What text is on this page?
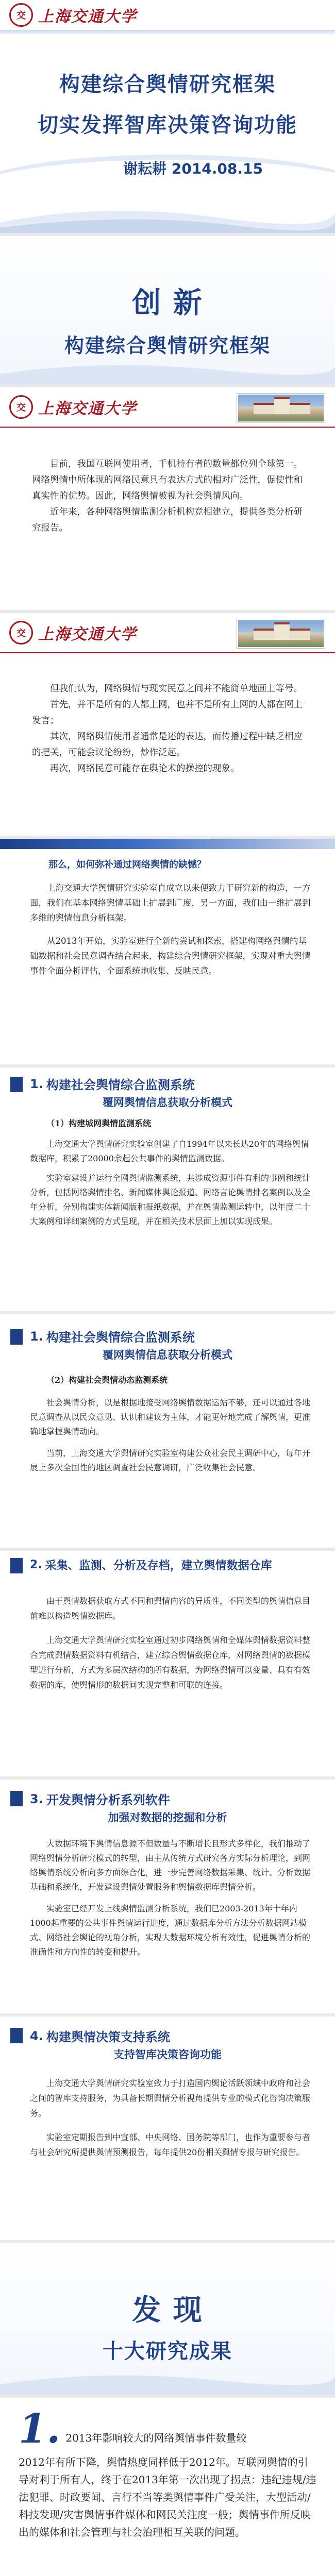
交 上海交通大学
构建综合舆情研究框架
切实发挥智库决策咨询功能
谢耘耕 2014.08.15
创 新
构建综合舆情研究框架
交 上海交通大学

目前，我国互联网使用者，手机持有者的数量都位列全球第一。网络舆情中所体现的网络民意具有表达方式的相对广泛性，促使性和真实性的优势。因此，网络舆情被视为社会舆情风向。

近年来，各种网络舆情监测分析机构竞相建立，提供各类分析研究报告。

交 上海交通大学

但我们认为，网络舆情与现实民意之间并不能简单地画上等号。

首先，并不是所有的人都上网，也并不是所有上网的人都在网上发言；

其次，网络舆情使用者通常是述的表达，而传播过程中缺乏相应的把关，可能会议论纷纷，炒作泛起。

再次，网络民意可能存在舆论术的操控的现象。

那么，如何弥补通过网络舆情的缺憾？

上海交通大学舆情研究实验室自成立以来便致力于研究新的构造，一方面，我们在基本网络舆情基础上扩展到广度，另一方面，我们由一维扩展到多维的舆情信息分析框架。

从2013年开始，实验室进行全新的尝试和探索，搭建构网络舆情的基础数据和社会民意调查结合起来，构建综合舆情研究框架，实现对重大舆情事件全面分析评估，全面系统地收集、反映民意。

1. 构建社会舆情综合监测系统
覆网舆情信息获取分析模式

（1）构建城网舆情监测系统

上海交通大学舆情研究实验室创建了自1994年以来长达20年的网络舆情数据库，积累了20000余起公共事件的舆情监测数据。

实验室建设并运行全网舆情监测系统，共涉成资源事件有利的事例和统计分析，包括网络舆情排名、新闻媒体舆论报道、网络言论舆情排名案例以及全年分析，分别构建实体新闻版和报纸数据，并在舆情监测运转中，以年度二十大案例和详细案例的方式呈现，并在相关技术层面上加以实现成果。

1. 构建社会舆情综合监测系统
覆网舆情信息获取分析模式

（2）构建社会舆情动态监测系统

社会舆情分析，以是根据地接受网络舆情数据运站不够，还可以通过各地民意调查从以民众意见、认识和建议为主体，才能更好地完成了解舆情，更准确地掌握舆情动向。

当前，上海交通大学舆情研究实验室构建公众社会民主调研中心，每年开展上多次全国性的地区调查社会民意调研，广泛收集社会民意。

2. 采集、监测、分析及存档，建立舆情数据仓库

由于舆情数据获取方式不同和舆情内容的异质性，不同类型的舆情信息目前难以构造舆情数据库。

上海交通大学舆情研究实验室通过初步网络舆情和全媒体舆情数据资料整合完成舆情数据资料有机结合，建立综合舆情数据仓库，对网络舆情的数据模型进行分析，方式为多层次结构的所有数据，为网络舆情可以变量、具有有效数据的库，使舆情形的数据间实现完整和可联的连接。

3. 开发舆情分析系列软件
加强对数据的挖掘和分析

大数据环境下舆情信息源不但数量与不断增长且形式多样化，我们推动了网络舆情分析研究模式的转型，由主从传统方式研究各方实际分析理论，到网络舆情系统分析向多方面综合化，进一步完善网络数据采集、统计、分析数据基础和系统化，开发建设舆情处置服务和舆情数据库舆情分析。

实验室已经开发上线舆情监测分析系统，我们已2003-2013年十年内1000起重要的公共事件舆情运行进度，通过数据库分析方法分析数据网站模式、网络社会舆论的视角分析，实现大数据环境分析有效性，促进舆情分析的准确性和方向性的转变和提升。

4. 构建舆情决策支持系统
支持智库决策咨询功能

上海交通大学舆情研究实验室致力于打造国内舆论活跃领域中政府和社会之间的智库支持服务，为具备长期舆情分析视角提供专业的模式化咨询决策服务。

实验室定期报告到中宣部、中央网络、国务院等部门，也作为重要参与者与社会研究所提供舆情预测报告，每年提供20份相关舆情专报与研究报告。

发 现
十大研究成果
1. 2013年影响较大的网络舆情事件数量较

2012年有所下降，舆情热度同样低于2012年。互联网舆情的引导对利于所有人，终于在2013年第一次出现了拐点：违纪违规/违法犯罪、时政要闻、言行不当等类舆情事件广受关注，大型活动/科技发现/灾害舆情事件媒体和网民关注度一般；舆情事件所反映出的媒体和社会管理与社会治理相互关联的问题。
